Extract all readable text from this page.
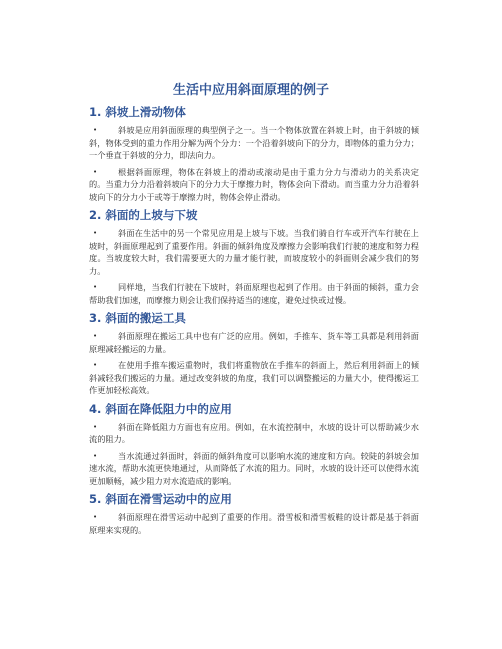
生活中应用斜面原理的例子
1. 斜坡上滑动物体
•	斜坡是应用斜面原理的典型例子之一。当一个物体放置在斜坡上时，由于斜坡的倾斜，物体受到的重力作用分解为两个分力：一个沿着斜坡向下的分力，即物体的重力分力；一个垂直于斜坡的分力，即法向力。
•	根据斜面原理，物体在斜坡上的滑动或滚动是由于重力分力与滑动力的关系决定的。当重力分力沿着斜坡向下的分力大于摩擦力时，物体会向下滑动。而当重力分力沿着斜坡向下的分力小于或等于摩擦力时，物体会停止滑动。
2. 斜面的上坡与下坡
•	斜面在生活中的另一个常见应用是上坡与下坡。当我们骑自行车或开汽车行驶在上坡时，斜面原理起到了重要作用。斜面的倾斜角度及摩擦力会影响我们行驶的速度和努力程度。当坡度较大时，我们需要更大的力量才能行驶，而坡度较小的斜面则会减少我们的努力。
•	同样地，当我们行驶在下坡时，斜面原理也起到了作用。由于斜面的倾斜，重力会帮助我们加速，而摩擦力则会让我们保持适当的速度，避免过快或过慢。
3. 斜面的搬运工具
•	斜面原理在搬运工具中也有广泛的应用。例如，手推车、货车等工具都是利用斜面原理减轻搬运的力量。
•	在使用手推车搬运重物时，我们将重物放在手推车的斜面上，然后利用斜面上的倾斜减轻我们搬运的力量。通过改变斜坡的角度，我们可以调整搬运的力量大小，使得搬运工作更加轻松高效。
4. 斜面在降低阻力中的应用
•	斜面在降低阻力方面也有应用。例如，在水流控制中，水坡的设计可以帮助减少水流的阻力。
•	当水流通过斜面时，斜面的倾斜角度可以影响水流的速度和方向。较陡的斜坡会加速水流，帮助水流更快地通过，从而降低了水流的阻力。同时，水坡的设计还可以使得水流更加顺畅，减少阻力对水流造成的影响。
5. 斜面在滑雪运动中的应用
•	斜面原理在滑雪运动中起到了重要的作用。滑雪板和滑雪板鞋的设计都是基于斜面原理来实现的。
